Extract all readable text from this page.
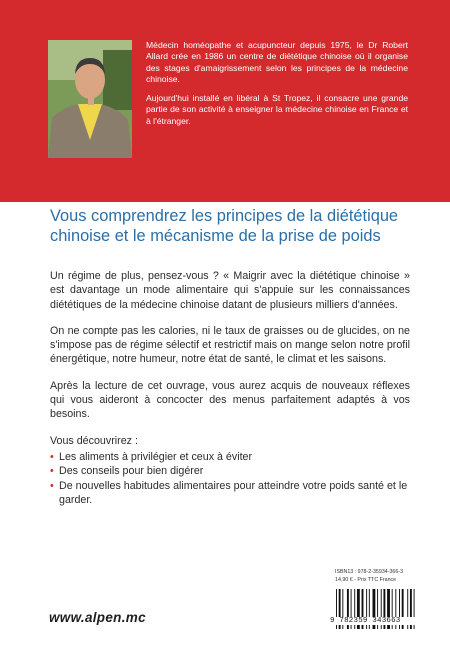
Médecin homéopathe et acupuncteur depuis 1975, le Dr Robert Allard crée en 1986 un centre de diététique chinoise où il organise des stages d'amaigrissement selon les principes de la médecine chinoise.

Aujourd'hui installé en libéral à St Tropez, il consacre une grande partie de son activité à enseigner la médecine chinoise en France et à l'étranger.

Vous comprendrez les principes de la diététique chinoise et le mécanisme de la prise de poids

Un régime de plus, pensez-vous ? « Maigrir avec la diététique chinoise » est davantage un mode alimentaire qui s'appuie sur les connaissances diététiques de la médecine chinoise datant de plusieurs milliers d'années.

On ne compte pas les calories, ni le taux de graisses ou de glucides, on ne s'impose pas de régime sélectif et restrictif mais on mange selon notre profil énergétique, notre humeur, notre état de santé, le climat et les saisons.

Après la lecture de cet ouvrage, vous aurez acquis de nouveaux réflexes qui vous aideront à concocter des menus parfaitement adaptés à vos besoins.

Vous découvrirez :

• Les aliments à privilégier et ceux à éviter
• Des conseils pour bien digérer
• De nouvelles habitudes alimentaires pour atteindre votre poids santé et le garder.
ISBN13 : 978-2-35934-366-3
14,90 € - Prix TTC France
9 782359 343663
www.alpen.mc
